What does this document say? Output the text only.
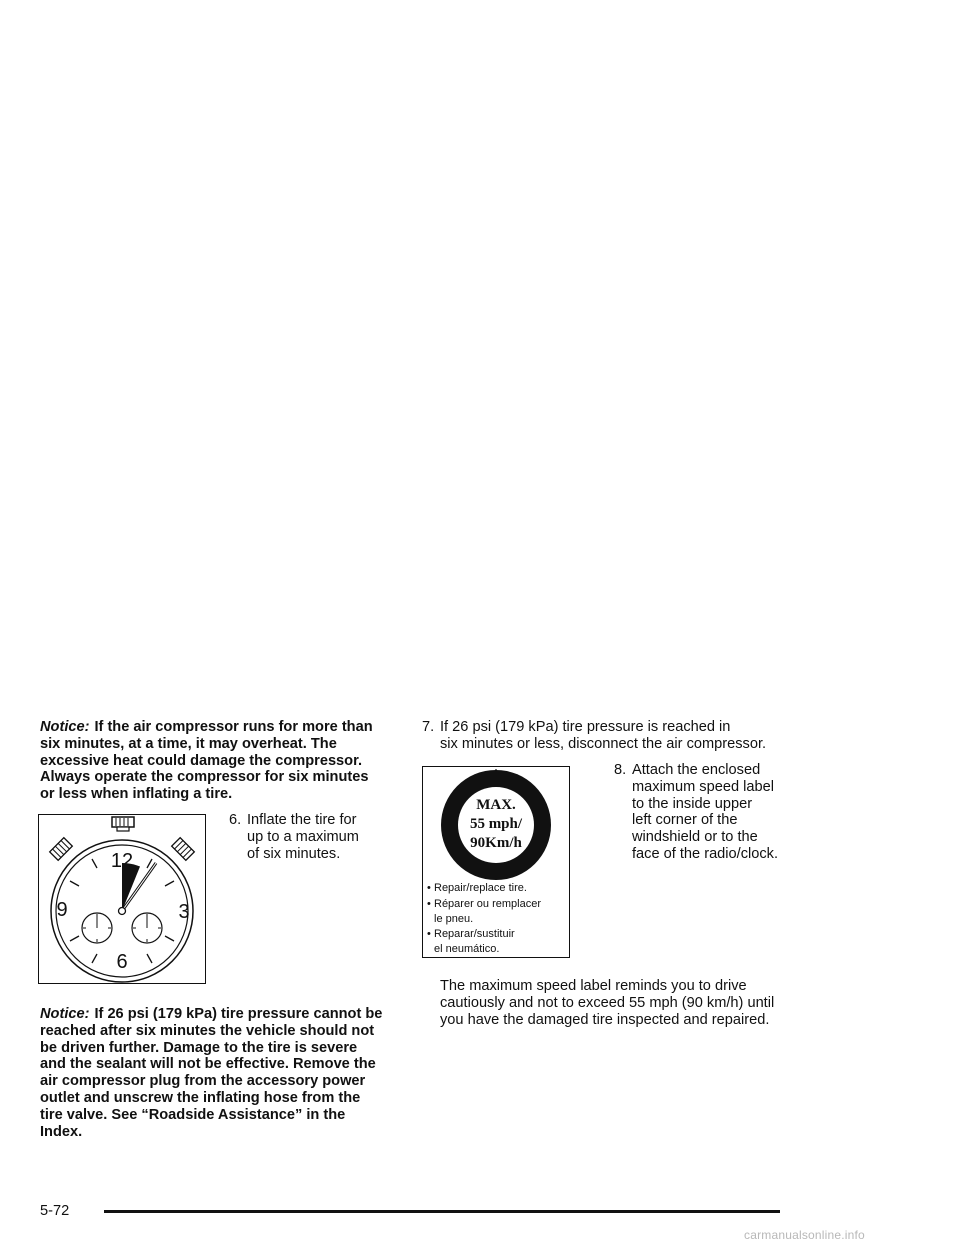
Notice: If the air compressor runs for more than six minutes, at a time, it may overheat. The excessive heat could damage the compressor. Always operate the compressor for six minutes or less when inflating a tire.
12
3
6
9
6. Inflate the tire for
up to a maximum
of six minutes.
Notice: If 26 psi (179 kPa) tire pressure cannot be reached after six minutes the vehicle should not be driven further. Damage to the tire is severe and the sealant will not be effective. Remove the air compressor plug from the accessory power outlet and unscrew the inflating hose from the tire valve. See “Roadside Assistance” in the Index.
7. If 26 psi (179 kPa) tire pressure is reached in
six minutes or less, disconnect the air compressor.
MAX.
55 mph/
90Km/h
• Repair/replace tire.
• Réparer ou remplacer
le pneu.
• Reparar/sustituir
el neumático.
8. Attach the enclosed
maximum speed label
to the inside upper
left corner of the
windshield or to the
face of the radio/clock.
The maximum speed label reminds you to drive cautiously and not to exceed 55 mph (90 km/h) until you have the damaged tire inspected and repaired.
5-72
carmanualsonline.info
